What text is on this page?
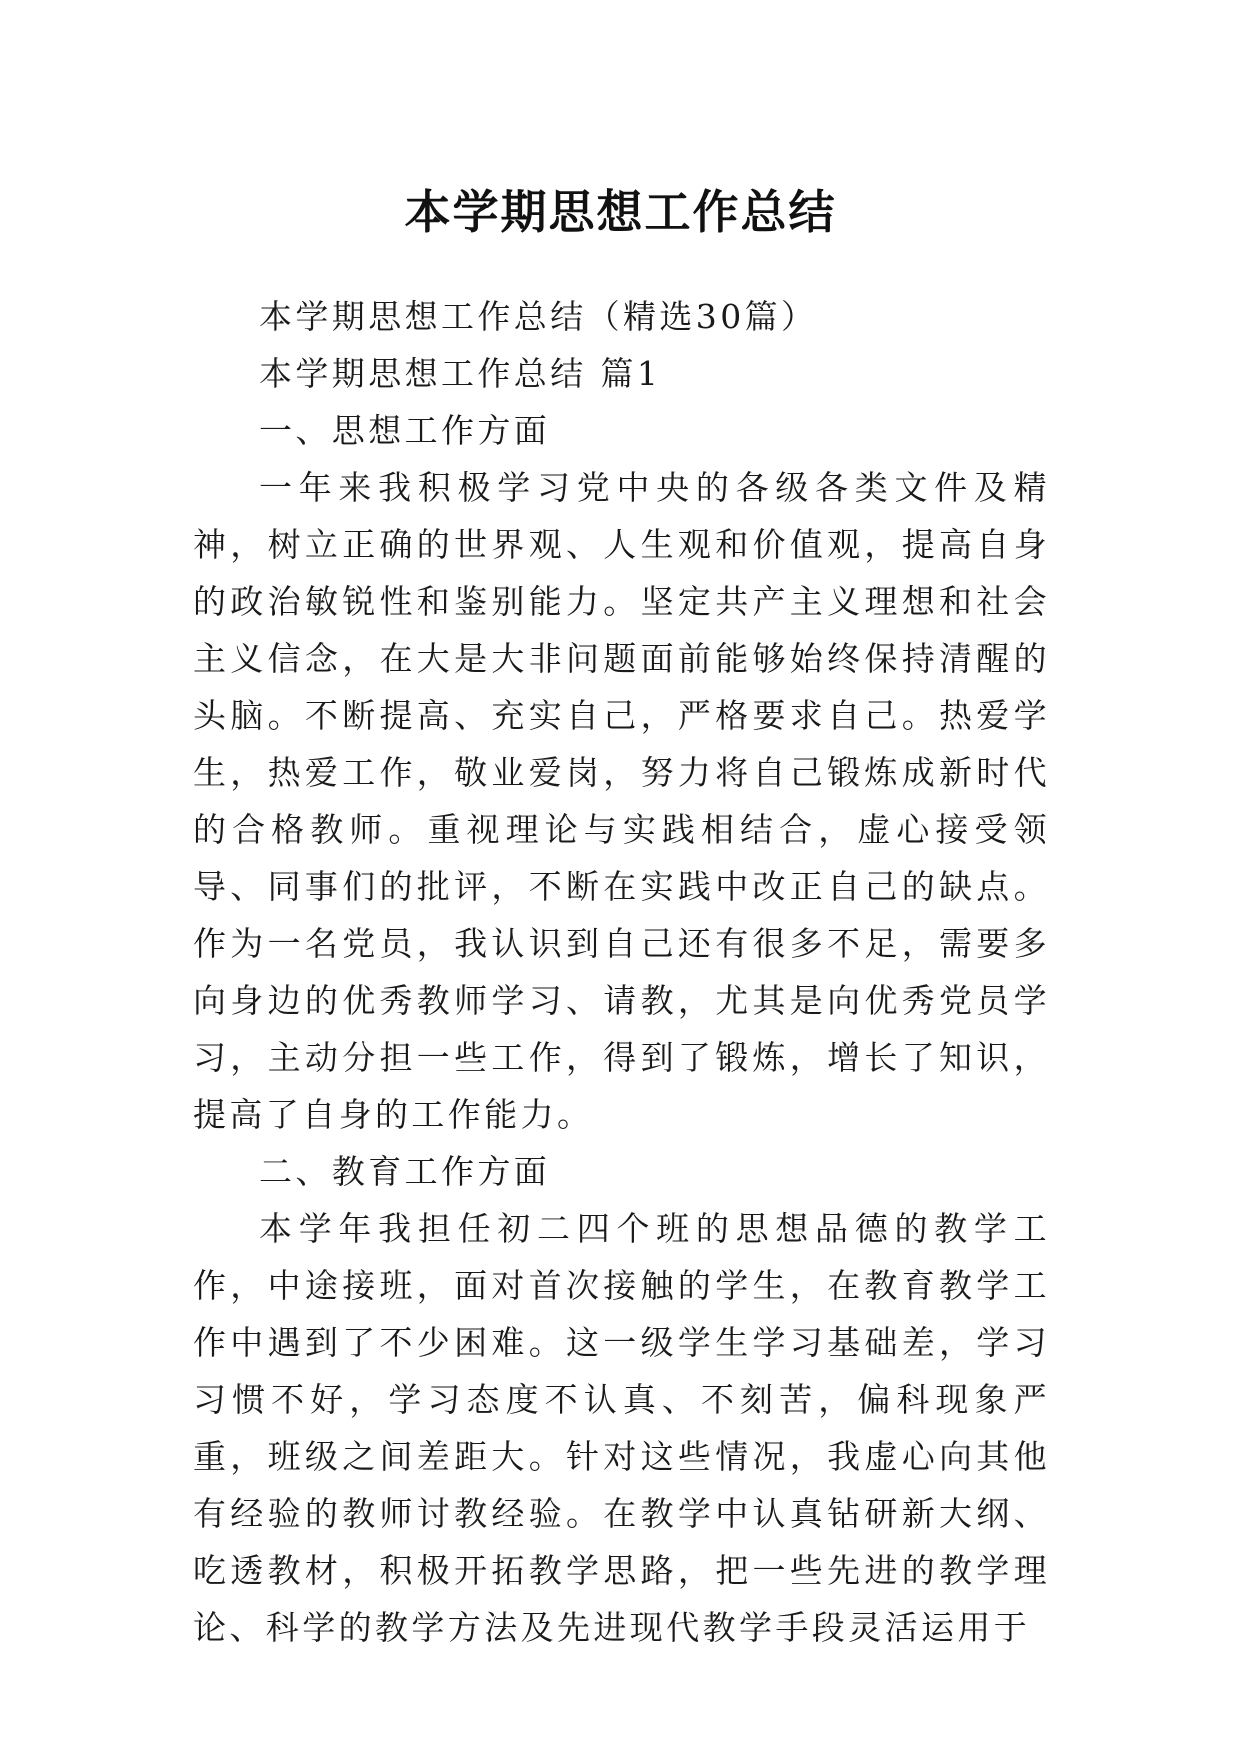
本学期思想工作总结

本学期思想工作总结（精选30篇）

本学期思想工作总结 篇1

一、思想工作方面

一年来我积极学习党中央的各级各类文件及精神，树立正确的世界观、人生观和价值观，提高自身的政治敏锐性和鉴别能力。坚定共产主义理想和社会主义信念，在大是大非问题面前能够始终保持清醒的头脑。不断提高、充实自己，严格要求自己。热爱学生，热爱工作，敬业爱岗，努力将自己锻炼成新时代的合格教师。重视理论与实践相结合，虚心接受领导、同事们的批评，不断在实践中改正自己的缺点。作为一名党员，我认识到自己还有很多不足，需要多向身边的优秀教师学习、请教，尤其是向优秀党员学习，主动分担一些工作，得到了锻炼，增长了知识，提高了自身的工作能力。

二、教育工作方面

本学年我担任初二四个班的思想品德的教学工作，中途接班，面对首次接触的学生，在教育教学工作中遇到了不少困难。这一级学生学习基础差，学习习惯不好，学习态度不认真、不刻苦，偏科现象严重，班级之间差距大。针对这些情况，我虚心向其他有经验的教师讨教经验。在教学中认真钻研新大纲、吃透教材，积极开拓教学思路，把一些先进的教学理论、科学的教学方法及先进现代教学手段灵活运用于
